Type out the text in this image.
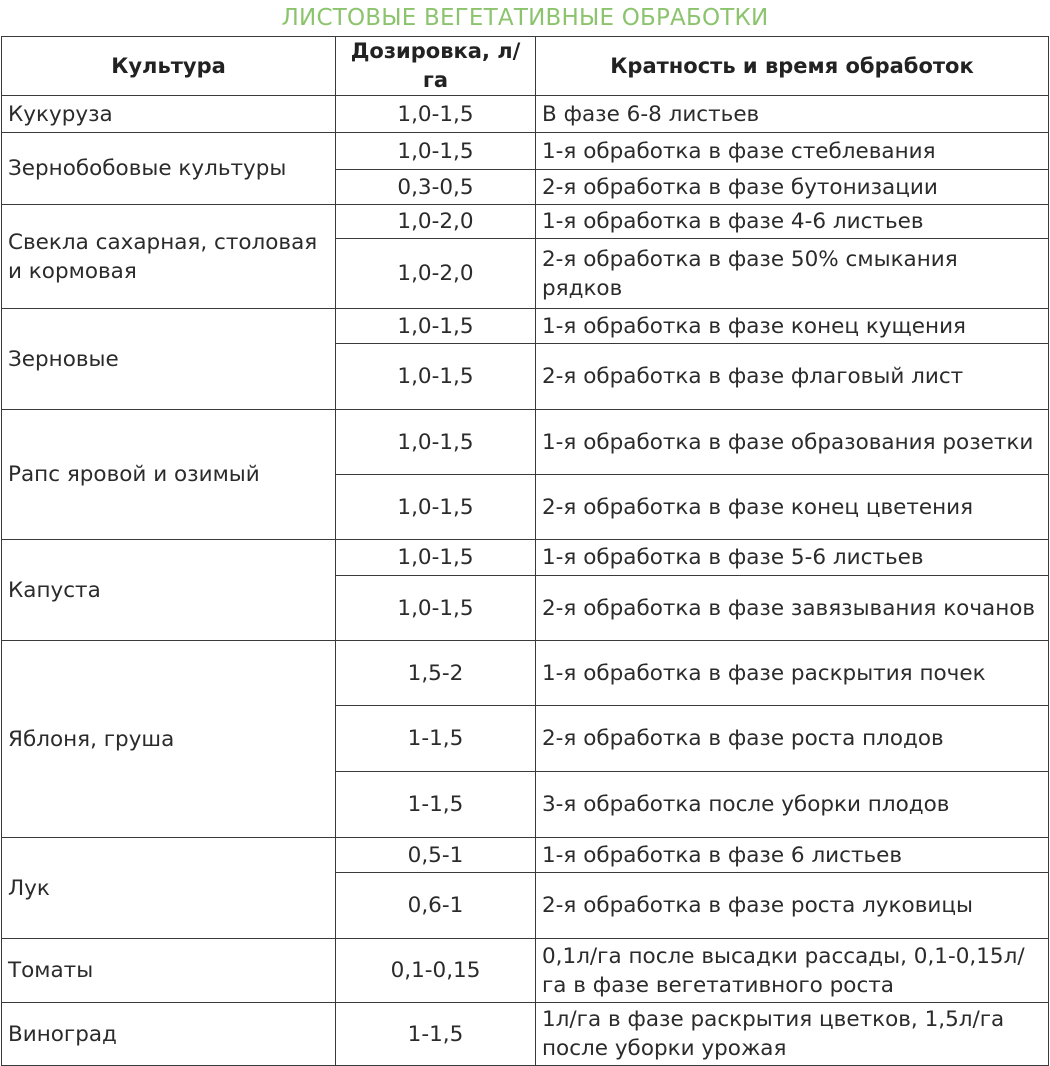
ЛИСТОВЫЕ ВЕГЕТАТИВНЫЕ ОБРАБОТКИ
Культура	Дозировка, л/га	Кратность и время обработок
Кукуруза	1,0-1,5	В фазе 6-8 листьев
Зернобобовые культуры	1,0-1,5	1-я обработка в фазе стеблевания
	0,3-0,5	2-я обработка в фазе бутонизации
Свекла сахарная, столовая и кормовая	1,0-2,0	1-я обработка в фазе 4-6 листьев
	1,0-2,0	2-я обработка в фазе 50% смыкания рядков
Зерновые	1,0-1,5	1-я обработка в фазе конец кущения
	1,0-1,5	2-я обработка в фазе флаговый лист
Рапс яровой и озимый	1,0-1,5	1-я обработка в фазе образования розетки
	1,0-1,5	2-я обработка в фазе конец цветения
Капуста	1,0-1,5	1-я обработка в фазе 5-6 листьев
	1,0-1,5	2-я обработка в фазе завязывания кочанов
Яблоня, груша	1,5-2	1-я обработка в фазе раскрытия почек
	1-1,5	2-я обработка в фазе роста плодов
	1-1,5	3-я обработка после уборки плодов
Лук	0,5-1	1-я обработка в фазе 6 листьев
	0,6-1	2-я обработка в фазе роста луковицы
Томаты	0,1-0,15	0,1л/га после высадки рассады, 0,1-0,15л/га в фазе вегетативного роста
Виноград	1-1,5	1л/га в фазе раскрытия цветков, 1,5л/га после уборки урожая
